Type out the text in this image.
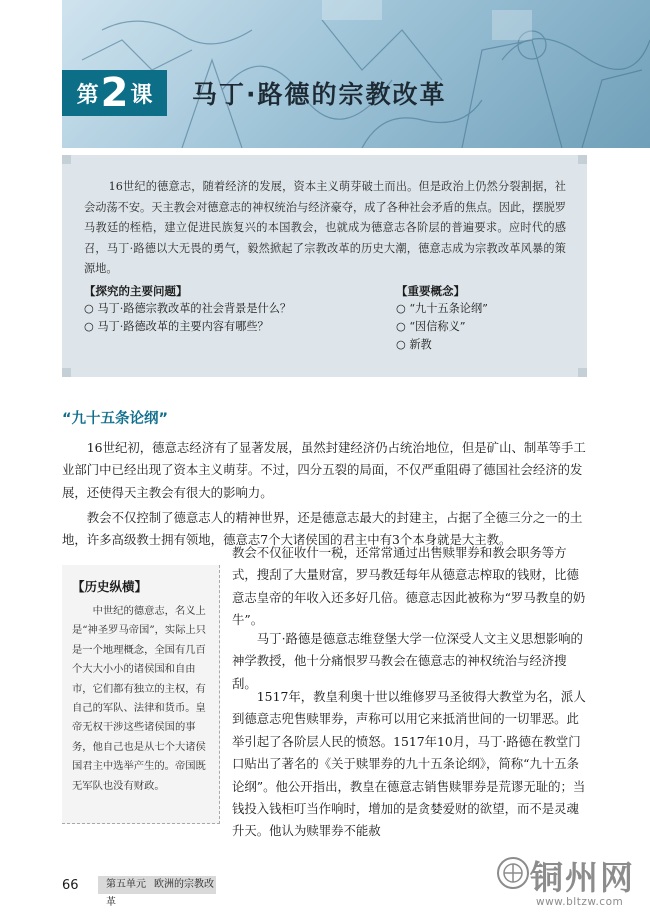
第 2 课 马丁·路德的宗教改革
16世纪的德意志，随着经济的发展，资本主义萌芽破土而出。但是政治上仍然分裂割据，社会动荡不安。天主教会对德意志的神权统治与经济豪夺，成了各种社会矛盾的焦点。因此，摆脱罗马教廷的桎梏，建立促进民族复兴的本国教会，也就成为德意志各阶层的普遍要求。应时代的感召，马丁·路德以大无畏的勇气，毅然掀起了宗教改革的历史大潮，德意志成为宗教改革风暴的策源地。
【探究的主要问题】
○ 马丁·路德宗教改革的社会背景是什么？
○ 马丁·路德改革的主要内容有哪些？
【重要概念】
○ “九十五条论纲”
○ “因信称义”
○ 新教
“九十五条论纲”
16世纪初，德意志经济有了显著发展，虽然封建经济仍占统治地位，但是矿山、制革等手工业部门中已经出现了资本主义萌芽。不过，四分五裂的局面，不仅严重阻碍了德国社会经济的发展，还使得天主教会有很大的影响力。
教会不仅控制了德意志人的精神世界，还是德意志最大的封建主，占据了全德三分之一的土地，许多高级教士拥有领地，德意志7个大诸侯国的君主中有3个本身就是大主教。
教会不仅征收什一税，还常常通过出售赎罪券和教会职务等方式，搜刮了大量财富，罗马教廷每年从德意志榨取的钱财，比德意志皇帝的年收入还多好几倍。德意志因此被称为“罗马教皇的奶牛”。
马丁·路德是德意志维登堡大学一位深受人文主义思想影响的神学教授，他十分痛恨罗马教会在德意志的神权统治与经济搜刮。
1517年，教皇利奥十世以维修罗马圣彼得大教堂为名，派人到德意志兜售赎罪券，声称可以用它来抵消世间的一切罪恶。此举引起了各阶层人民的愤怒。1517年10月，马丁·路德在教堂门口贴出了著名的《关于赎罪券的九十五条论纲》，简称“九十五条论纲”。他公开指出，教皇在德意志销售赎罪券是荒谬无耻的；当钱投入钱柜叮当作响时，增加的是贪婪爱财的欲望，而不是灵魂升天。他认为赎罪券不能赦
【历史纵横】
中世纪的德意志，名义上是“神圣罗马帝国”，实际上只是一个地理概念，全国有几百个大大小小的诸侯国和自由市，它们都有独立的主权，有自己的军队、法律和货币。皇帝无权干涉这些诸侯国的事务，他自己也是从七个大诸侯国君主中选举产生的。帝国既无军队也没有财政。
66	第五单元 欧洲的宗教改革
铜州网
www.bltzw.com
